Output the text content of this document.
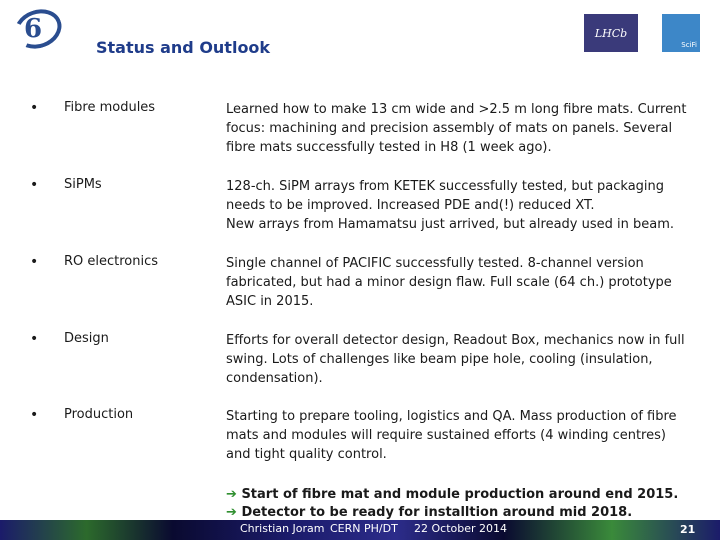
6
Status and Outlook
LHCb
SciFi
• Fibre modules	Learned how to make 13 cm wide and >2.5 m long fibre mats. Current
focus: machining and precision assembly of mats on panels. Several
fibre mats successfully tested in H8 (1 week ago).
• SiPMs	128-ch. SiPM arrays from KETEK successfully tested, but packaging
needs to be improved. Increased PDE and(!) reduced XT.
New arrays from Hamamatsu just arrived, but already used in beam.
• RO electronics	Single channel of PACIFIC successfully tested. 8-channel version
fabricated, but had a minor design flaw. Full scale (64 ch.) prototype
ASIC in 2015.
• Design	Efforts for overall detector design, Readout Box, mechanics now in full
swing. Lots of challenges like beam pipe hole, cooling (insulation,
condensation).
• Production	Starting to prepare tooling, logistics and QA. Mass production of fibre
mats and modules will require sustained efforts (4 winding centres)
and tight quality control.
➔ Start of fibre mat and module production around end 2015.
➔ Detector to be ready for installtion around mid 2018.
Christian Joram CERN PH/DT 22 October 2014	21
